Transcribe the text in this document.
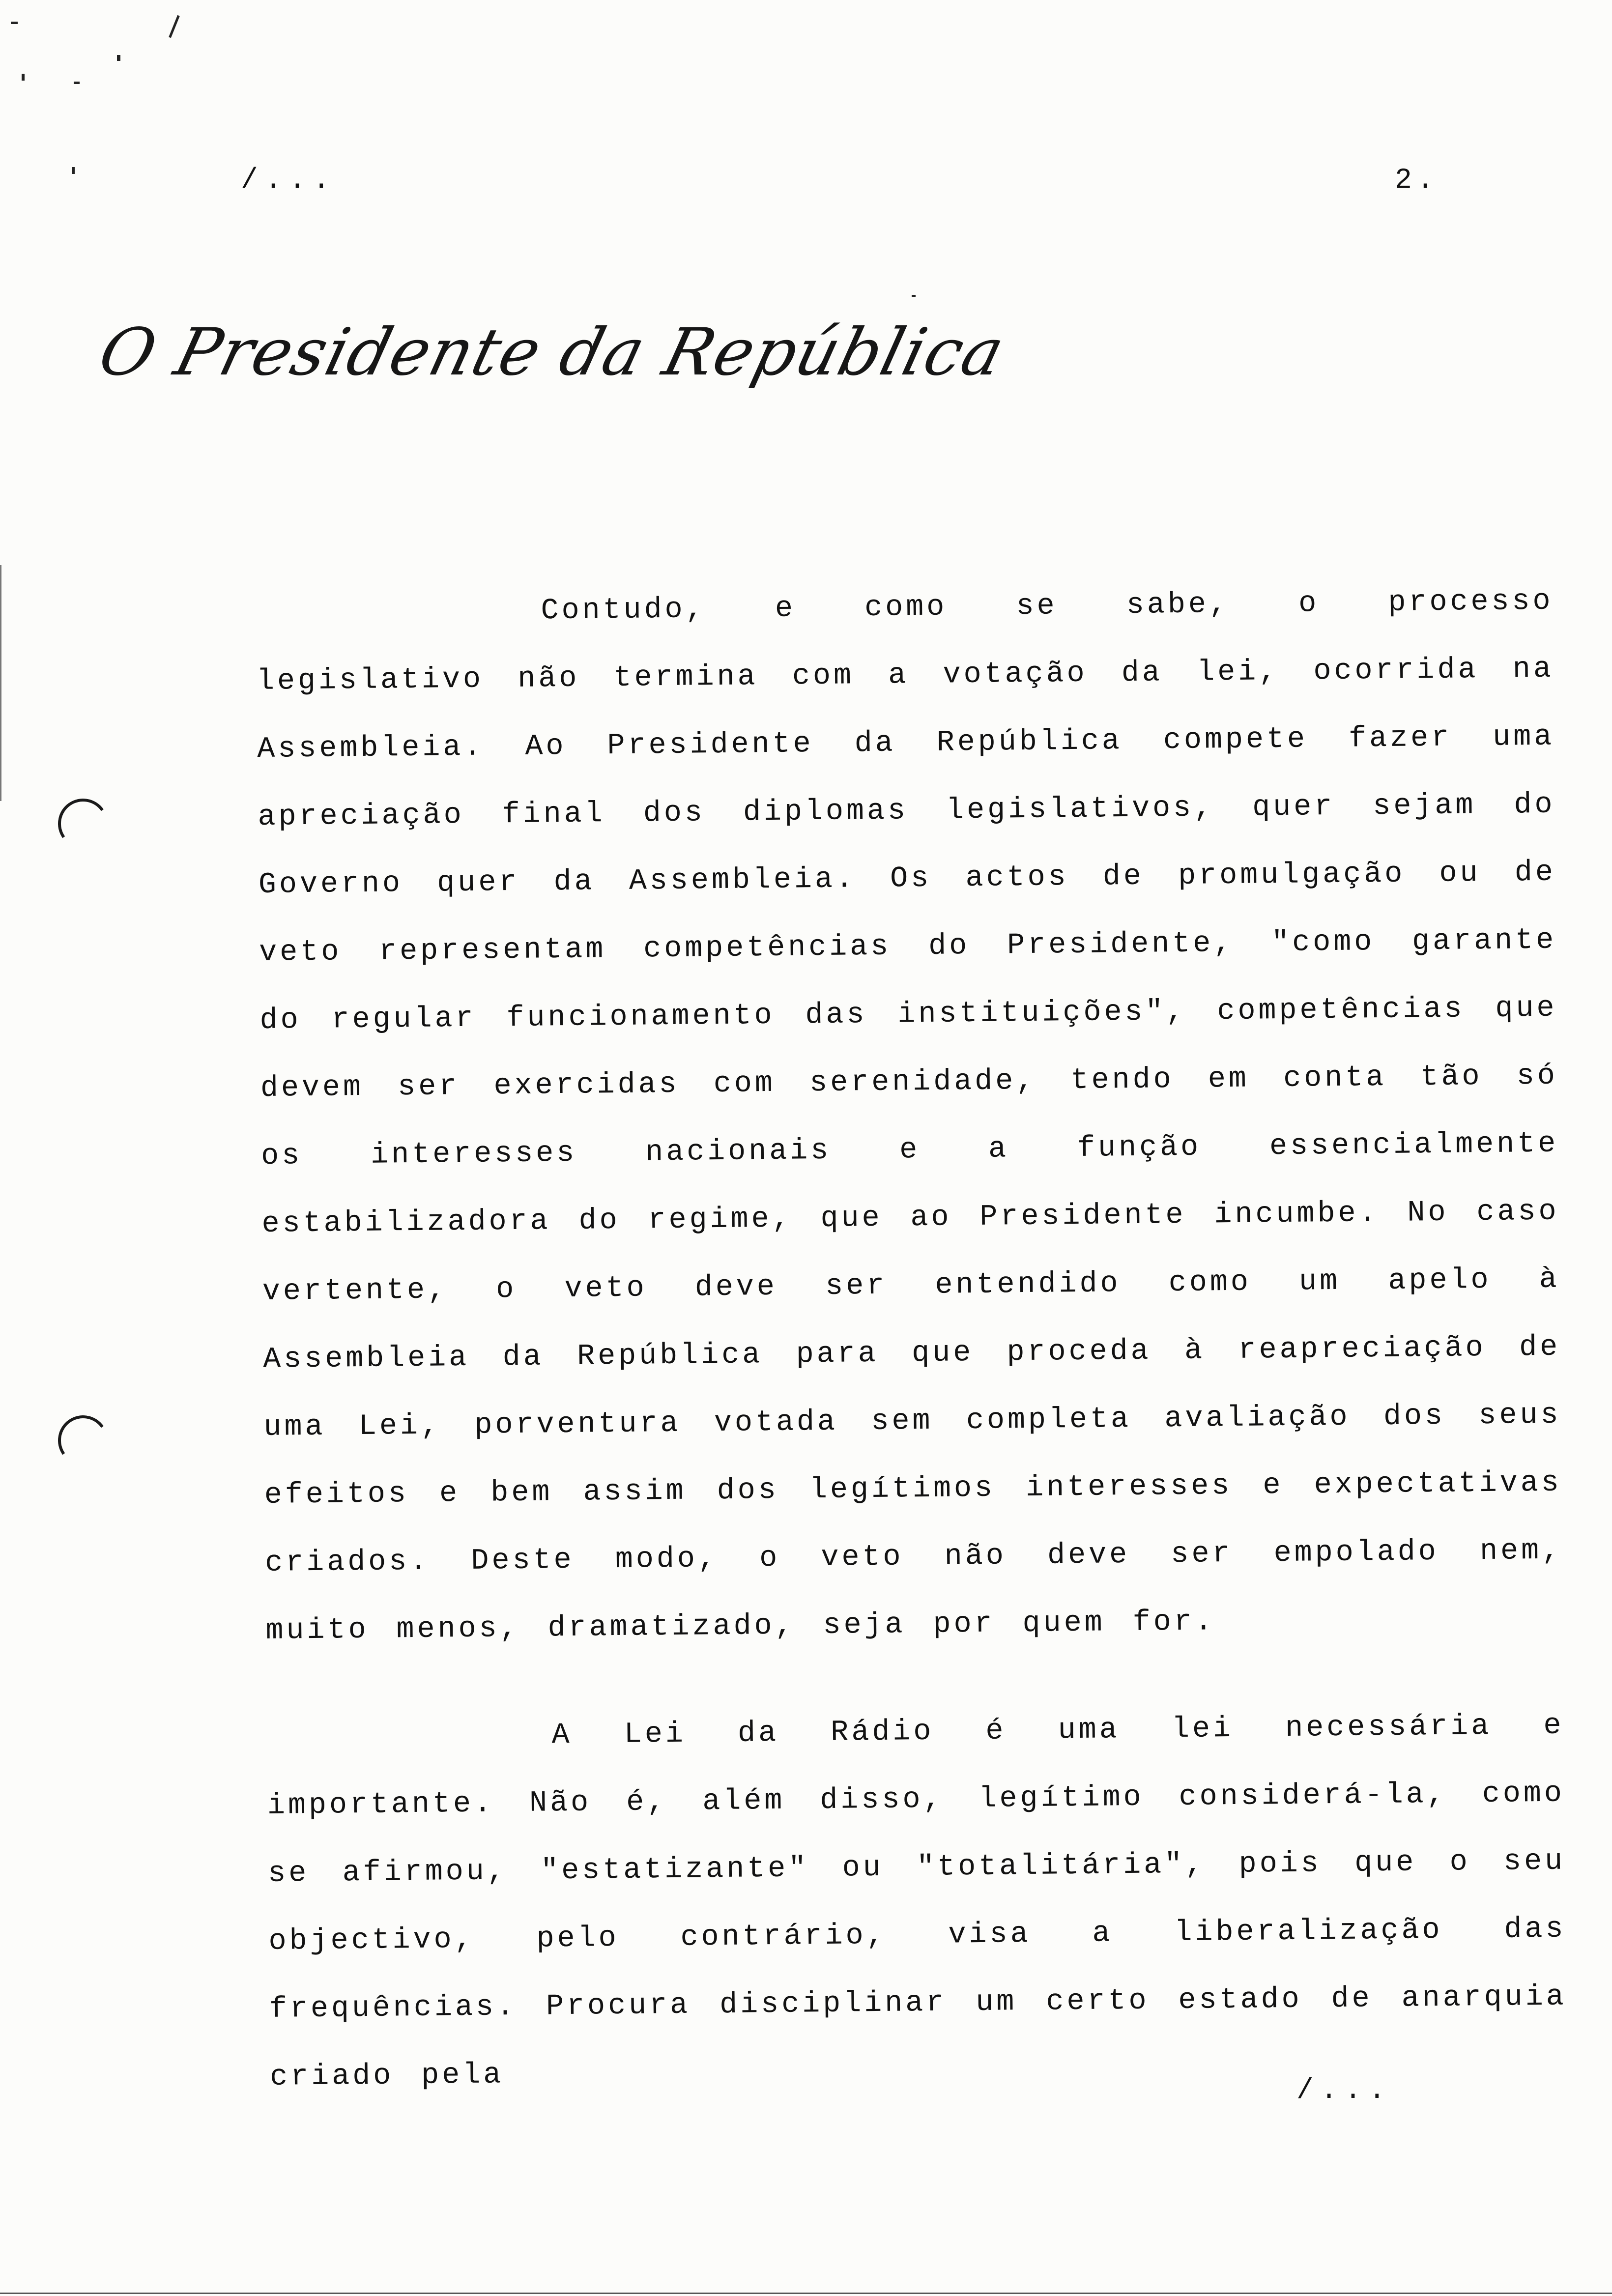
/...	2.
O Presidente da República

Contudo, e como se sabe, o processo legislativo não termina com a votação da lei, ocorrida na Assembleia. Ao Presidente da República compete fazer uma apreciação final dos diplomas legislativos, quer sejam do Governo quer da Assembleia. Os actos de promulgação ou de veto representam competências do Presidente, "como garante do regular funcionamento das instituições", competências que devem ser exercidas com serenidade, tendo em conta tão só os interesses nacionais e a função essencialmente estabilizadora do regime, que ao Presidente incumbe. No caso vertente, o veto deve ser entendido como um apelo à Assembleia da República para que proceda à reapreciação de uma Lei, porventura votada sem completa avaliação dos seus efeitos e bem assim dos legítimos interesses e expectativas criados. Deste modo, o veto não deve ser empolado nem, muito menos, dramatizado, seja por quem for.

A Lei da Rádio é uma lei necessária e importante. Não é, além disso, legítimo considerá-la, como se afirmou, "estatizante" ou "totalitária", pois que o seu objectivo, pelo contrário, visa a liberalização das frequências. Procura disciplinar um certo estado de anarquia criado pela	/...
